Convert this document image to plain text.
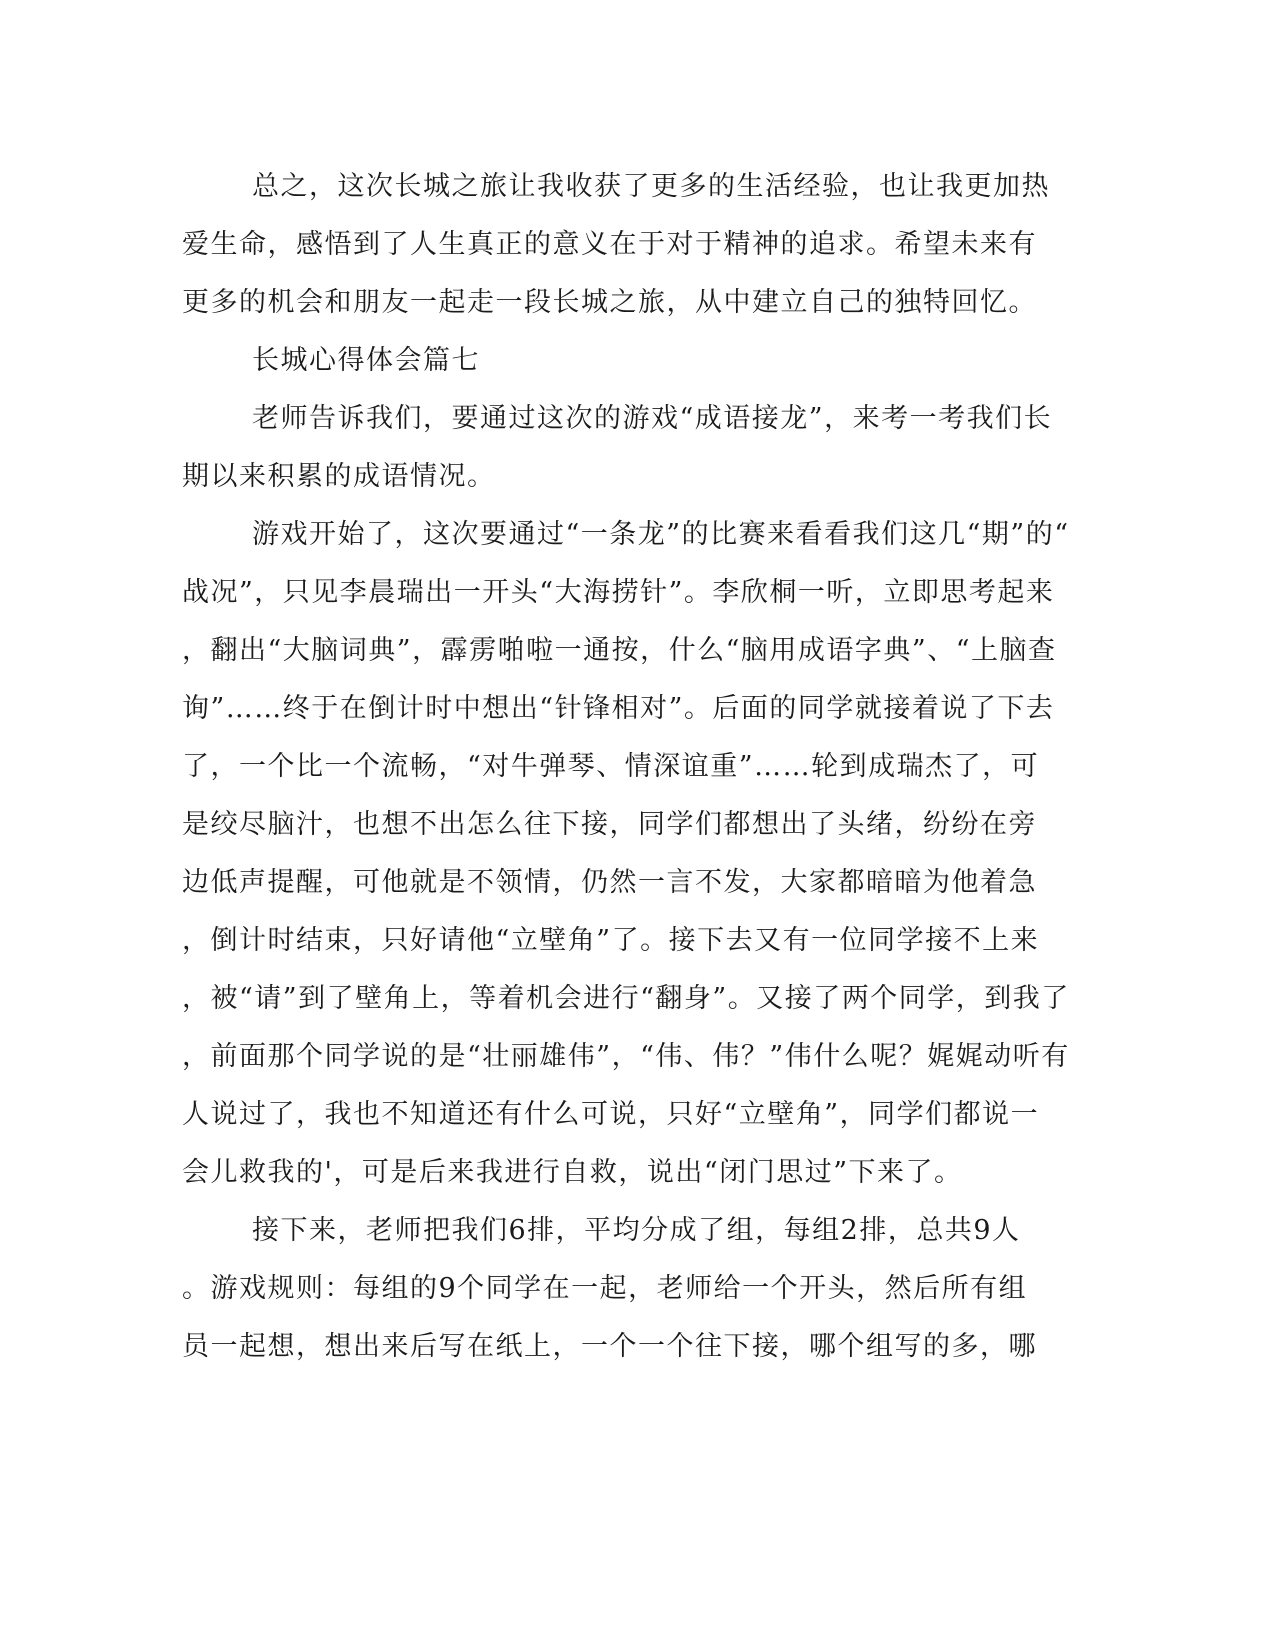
总之，这次长城之旅让我收获了更多的生活经验，也让我更加热
爱生命，感悟到了人生真正的意义在于对于精神的追求。希望未来有
更多的机会和朋友一起走一段长城之旅，从中建立自己的独特回忆。
长城心得体会篇七
老师告诉我们，要通过这次的游戏“成语接龙”，来考一考我们长
期以来积累的成语情况。
游戏开始了，这次要通过“一条龙”的比赛来看看我们这几“期”的“
战况”，只见李晨瑞出一开头“大海捞针”。李欣桐一听，立即思考起来
，翻出“大脑词典”，霹雳啪啦一通按，什么“脑用成语字典”、“上脑查
询”……终于在倒计时中想出“针锋相对”。后面的同学就接着说了下去
了，一个比一个流畅，“对牛弹琴、情深谊重”……轮到成瑞杰了，可
是绞尽脑汁，也想不出怎么往下接，同学们都想出了头绪，纷纷在旁
边低声提醒，可他就是不领情，仍然一言不发，大家都暗暗为他着急
，倒计时结束，只好请他“立壁角”了。接下去又有一位同学接不上来
，被“请”到了壁角上，等着机会进行“翻身”。又接了两个同学，到我了
，前面那个同学说的是“壮丽雄伟”，“伟、伟？”伟什么呢？娓娓动听有
人说过了，我也不知道还有什么可说，只好“立壁角”，同学们都说一
会儿救我的'，可是后来我进行自救，说出“闭门思过”下来了。
接下来，老师把我们6排，平均分成了组，每组2排，总共9人
。游戏规则：每组的9个同学在一起，老师给一个开头，然后所有组
员一起想，想出来后写在纸上，一个一个往下接，哪个组写的多，哪
